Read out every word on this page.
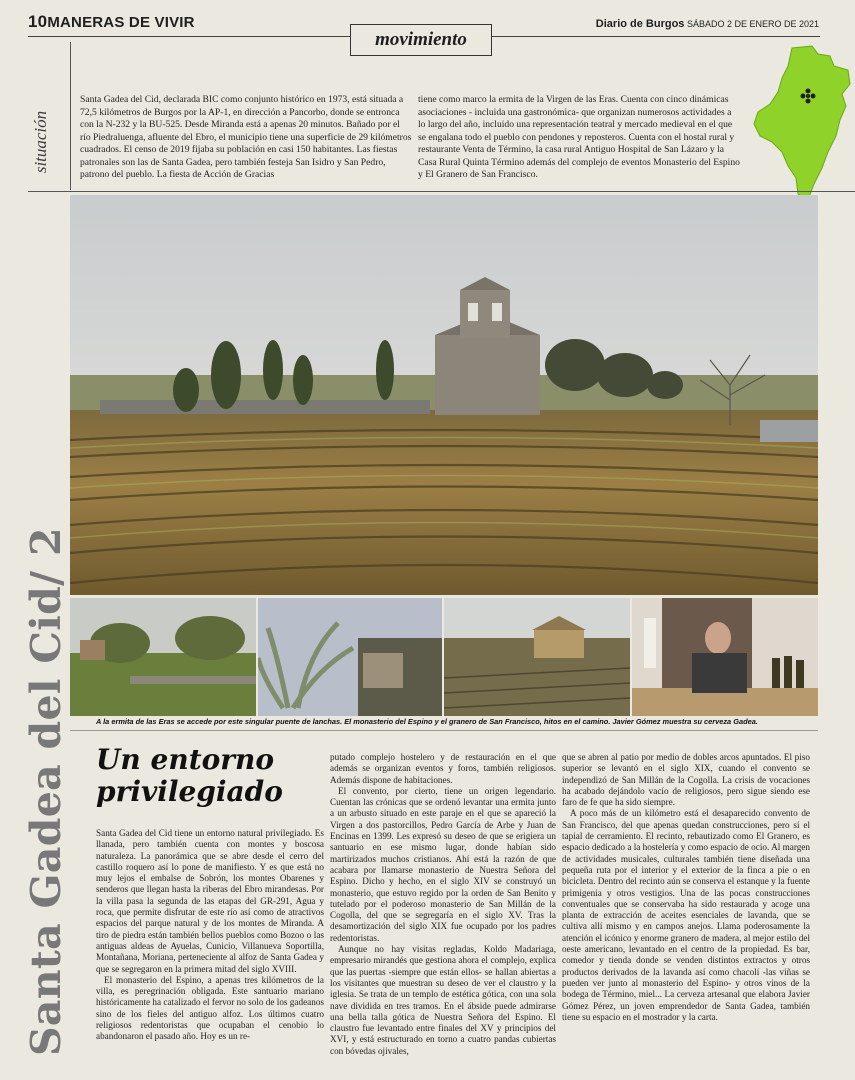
10MANERAS DE VIVIR	Diario de Burgos SÁBADO 2 DE ENERO DE 2021
movimiento
situación
Santa Gadea del Cid, declarada BIC como conjunto histórico en 1973, está situada a 72,5 kilómetros de Burgos por la AP-1, en dirección a Pancorbo, donde se entronca con la N-232 y la BU-525. Desde Miranda está a apenas 20 minutos. Bañado por el río Piedraluenga, afluente del Ebro, el municipio tiene una superficie de 29 kilómetros cuadrados. El censo de 2019 fijaba su población en casi 150 habitantes. Las fiestas patronales son las de Santa Gadea, pero también festeja San Isidro y San Pedro, patrono del pueblo. La fiesta de Acción de Gracias
tiene como marco la ermita de la Virgen de las Eras. Cuenta con cinco dinámicas asociaciones - incluida una gastronómica- que organizan numerosos actividades a lo largo del año, incluido una representación teatral y mercado medieval en el que se engalana todo el pueblo con pendones y reposteros. Cuenta con el hostal rural y restaurante Venta de Término, la casa rural Antiguo Hospital de San Lázaro y la Casa Rural Quinta Término además del complejo de eventos Monasterio del Espino y El Granero de San Francisco.
A la ermita de las Eras se accede por este singular puente de lanchas. El monasterio del Espino y el granero de San Francisco, hitos en el camino. Javier Gómez muestra su cerveza Gadea.
Santa Gadea del Cid/ 2 Un entorno privilegiado

Santa Gadea del Cid tiene un entorno natural privilegiado. Es llanada, pero también cuenta con montes y boscosa naturaleza. La panorámica que se abre desde el cerro del castillo roquero así lo pone de manifiesto. Y es que está no muy lejos el embalse de Sobrón, los montes Obarenes y senderos que llegan hasta la riberas del Ebro mirandesas. Por la villa pasa la segunda de las etapas del GR-291, Agua y roca, que permite disfrutar de este río así como de atractivos espacios del parque natural y de los montes de Miranda. A tiro de piedra están también bellos pueblos como Bozoo o las antiguas aldeas de Ayuelas, Cunicio, Villanueva Soportilla, Montañana, Moriana, perteneciente al alfoz de Santa Gadea y que se segregaron en la primera mitad del siglo XVIII.

El monasterio del Espino, a apenas tres kilómetros de la villa, es peregrinación obligada. Este santuario mariano históricamente ha catalizado el fervor no solo de los gadeanos sino de los fieles del antiguo alfoz. Los últimos cuatro religiosos redentoristas que ocupaban el cenobio lo abandonaron el pasado año. Hoy es un re-

putado complejo hostelero y de restauración en el que además se organizan eventos y foros, también religiosos. Además dispone de habitaciones.

El convento, por cierto, tiene un origen legendario. Cuentan las crónicas que se ordenó levantar una ermita junto a un arbusto situado en este paraje en el que se apareció la Virgen a dos pastorcillos, Pedro García de Arbe y Juan de Encinas en 1399. Les expresó su deseo de que se erigiera un santuario en ese mismo lugar, donde habían sido martirizados muchos cristianos. Ahí está la razón de que acabara por llamarse monasterio de Nuestra Señora del Espino. Dicho y hecho, en el siglo XIV se construyó un monasterio, que estuvo regido por la orden de San Benito y tutelado por el poderoso monasterio de San Millán de la Cogolla, del que se segregaría en el siglo XV. Tras la desamortización del siglo XIX fue ocupado por los padres redentoristas.

Aunque no hay visitas regladas, Koldo Madariaga, empresario mirandés que gestiona ahora el complejo, explica que las puertas -siempre que están ellos- se hallan abiertas a los visitantes que muestran su deseo de ver el claustro y la iglesia. Se trata de un templo de estética gótica, con una sola nave dividida en tres tramos. En el ábside puede admirarse una bella talla gótica de Nuestra Señora del Espino. El claustro fue levantado entre finales del XV y principios del XVI, y está estructurado en torno a cuatro pandas cubiertas con bóvedas ojivales,

que se abren al patio por medio de dobles arcos apuntados. El piso superior se levantó en el siglo XIX, cuando el convento se independizó de San Millán de la Cogolla. La crisis de vocaciones ha acabado dejándolo vacío de religiosos, pero sigue siendo ese faro de fe que ha sido siempre.

A poco más de un kilómetro está el desaparecido convento de San Francisco, del que apenas quedan construcciones, pero sí el tapial de cerramiento. El recinto, rebautizado como El Granero, es espacio dedicado a la hostelería y como espacio de ocio. Al margen de actividades musicales, culturales también tiene diseñada una pequeña ruta por el interior y el exterior de la finca a pie o en bicicleta. Dentro del recinto aún se conserva el estanque y la fuente primigenia y otros vestigios. Una de las pocas construcciones conventuales que se conservaba ha sido restaurada y acoge una planta de extracción de aceites esenciales de lavanda, que se cultiva allí mismo y en campos anejos. Llama poderosamente la atención el icónico y enorme granero de madera, al mejor estilo del oeste americano, levantado en el centro de la propiedad. Es bar, comedor y tienda donde se venden distintos extractos y otros productos derivados de la lavanda así como chacolí -las viñas se pueden ver junto al monasterio del Espino- y otros vinos de la bodega de Término, miel... La cerveza artesanal que elabora Javier Gómez Pérez, un joven emprendedor de Santa Gadea, también tiene su espacio en el mostrador y la carta.
